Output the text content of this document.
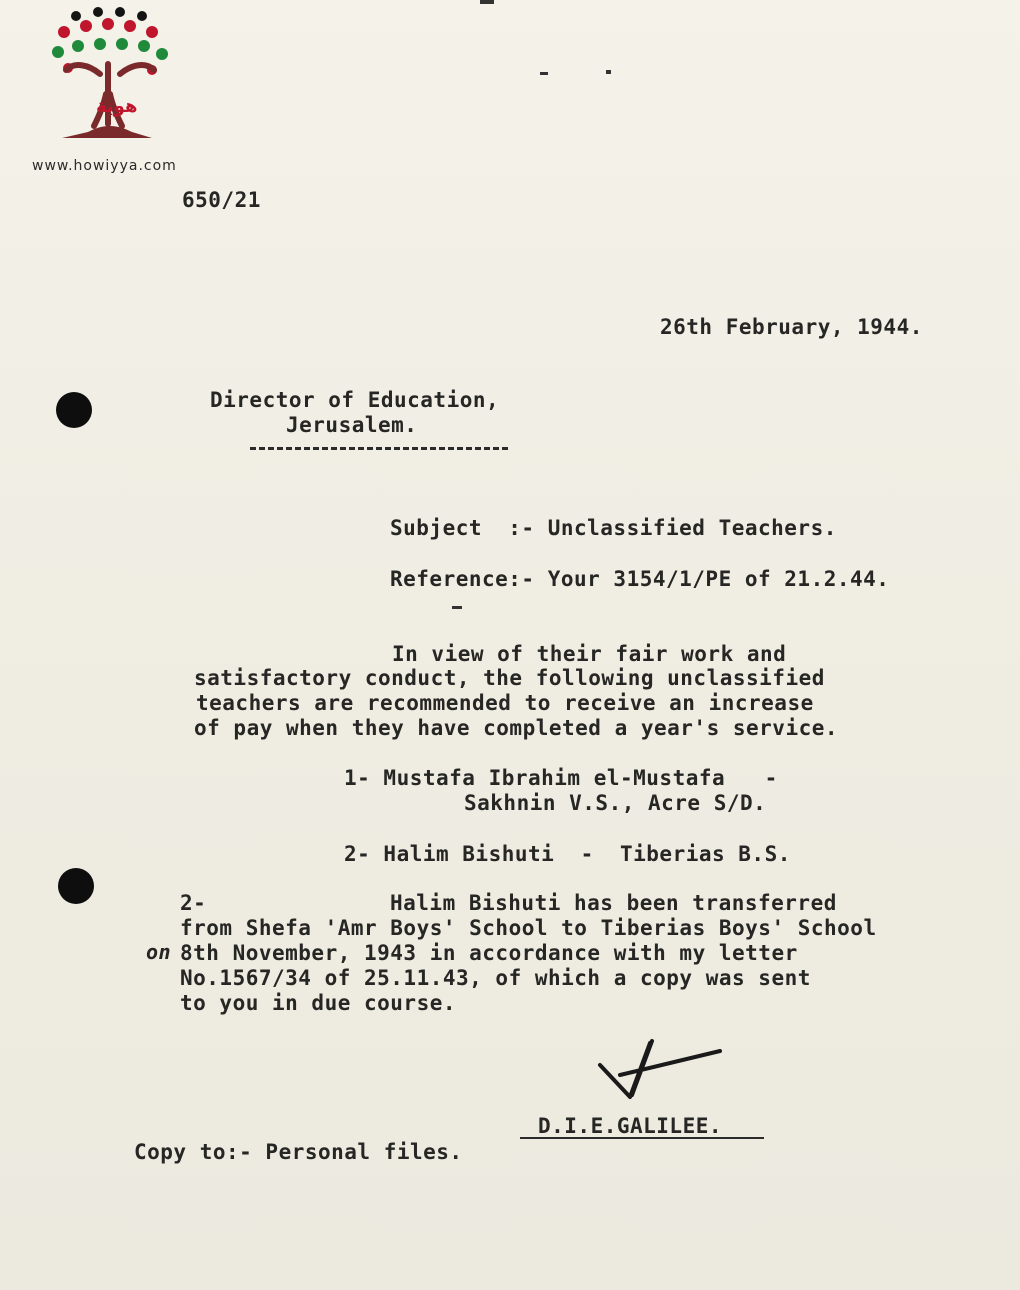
هوية
www.howiyya.com
650/21
26th February, 1944.
Director of Education,
Jerusalem.
Subject  :- Unclassified Teachers.
Reference:- Your 3154/1/PE of 21.2.44.
In view of their fair work and
satisfactory conduct, the following unclassified
teachers are recommended to receive an increase
of pay when they have completed a year's service.
1- Mustafa Ibrahim el-Mustafa   -
Sakhnin V.S., Acre S/D.
2- Halim Bishuti  -  Tiberias B.S.
2-	Halim Bishuti has been transferred
from Shefa 'Amr Boys' School to Tiberias Boys' School
on 8th November, 1943 in accordance with my letter
No.1567/34 of 25.11.43, of which a copy was sent
to you in due course.
D.I.E.GALILEE.
Copy to:- Personal files.
